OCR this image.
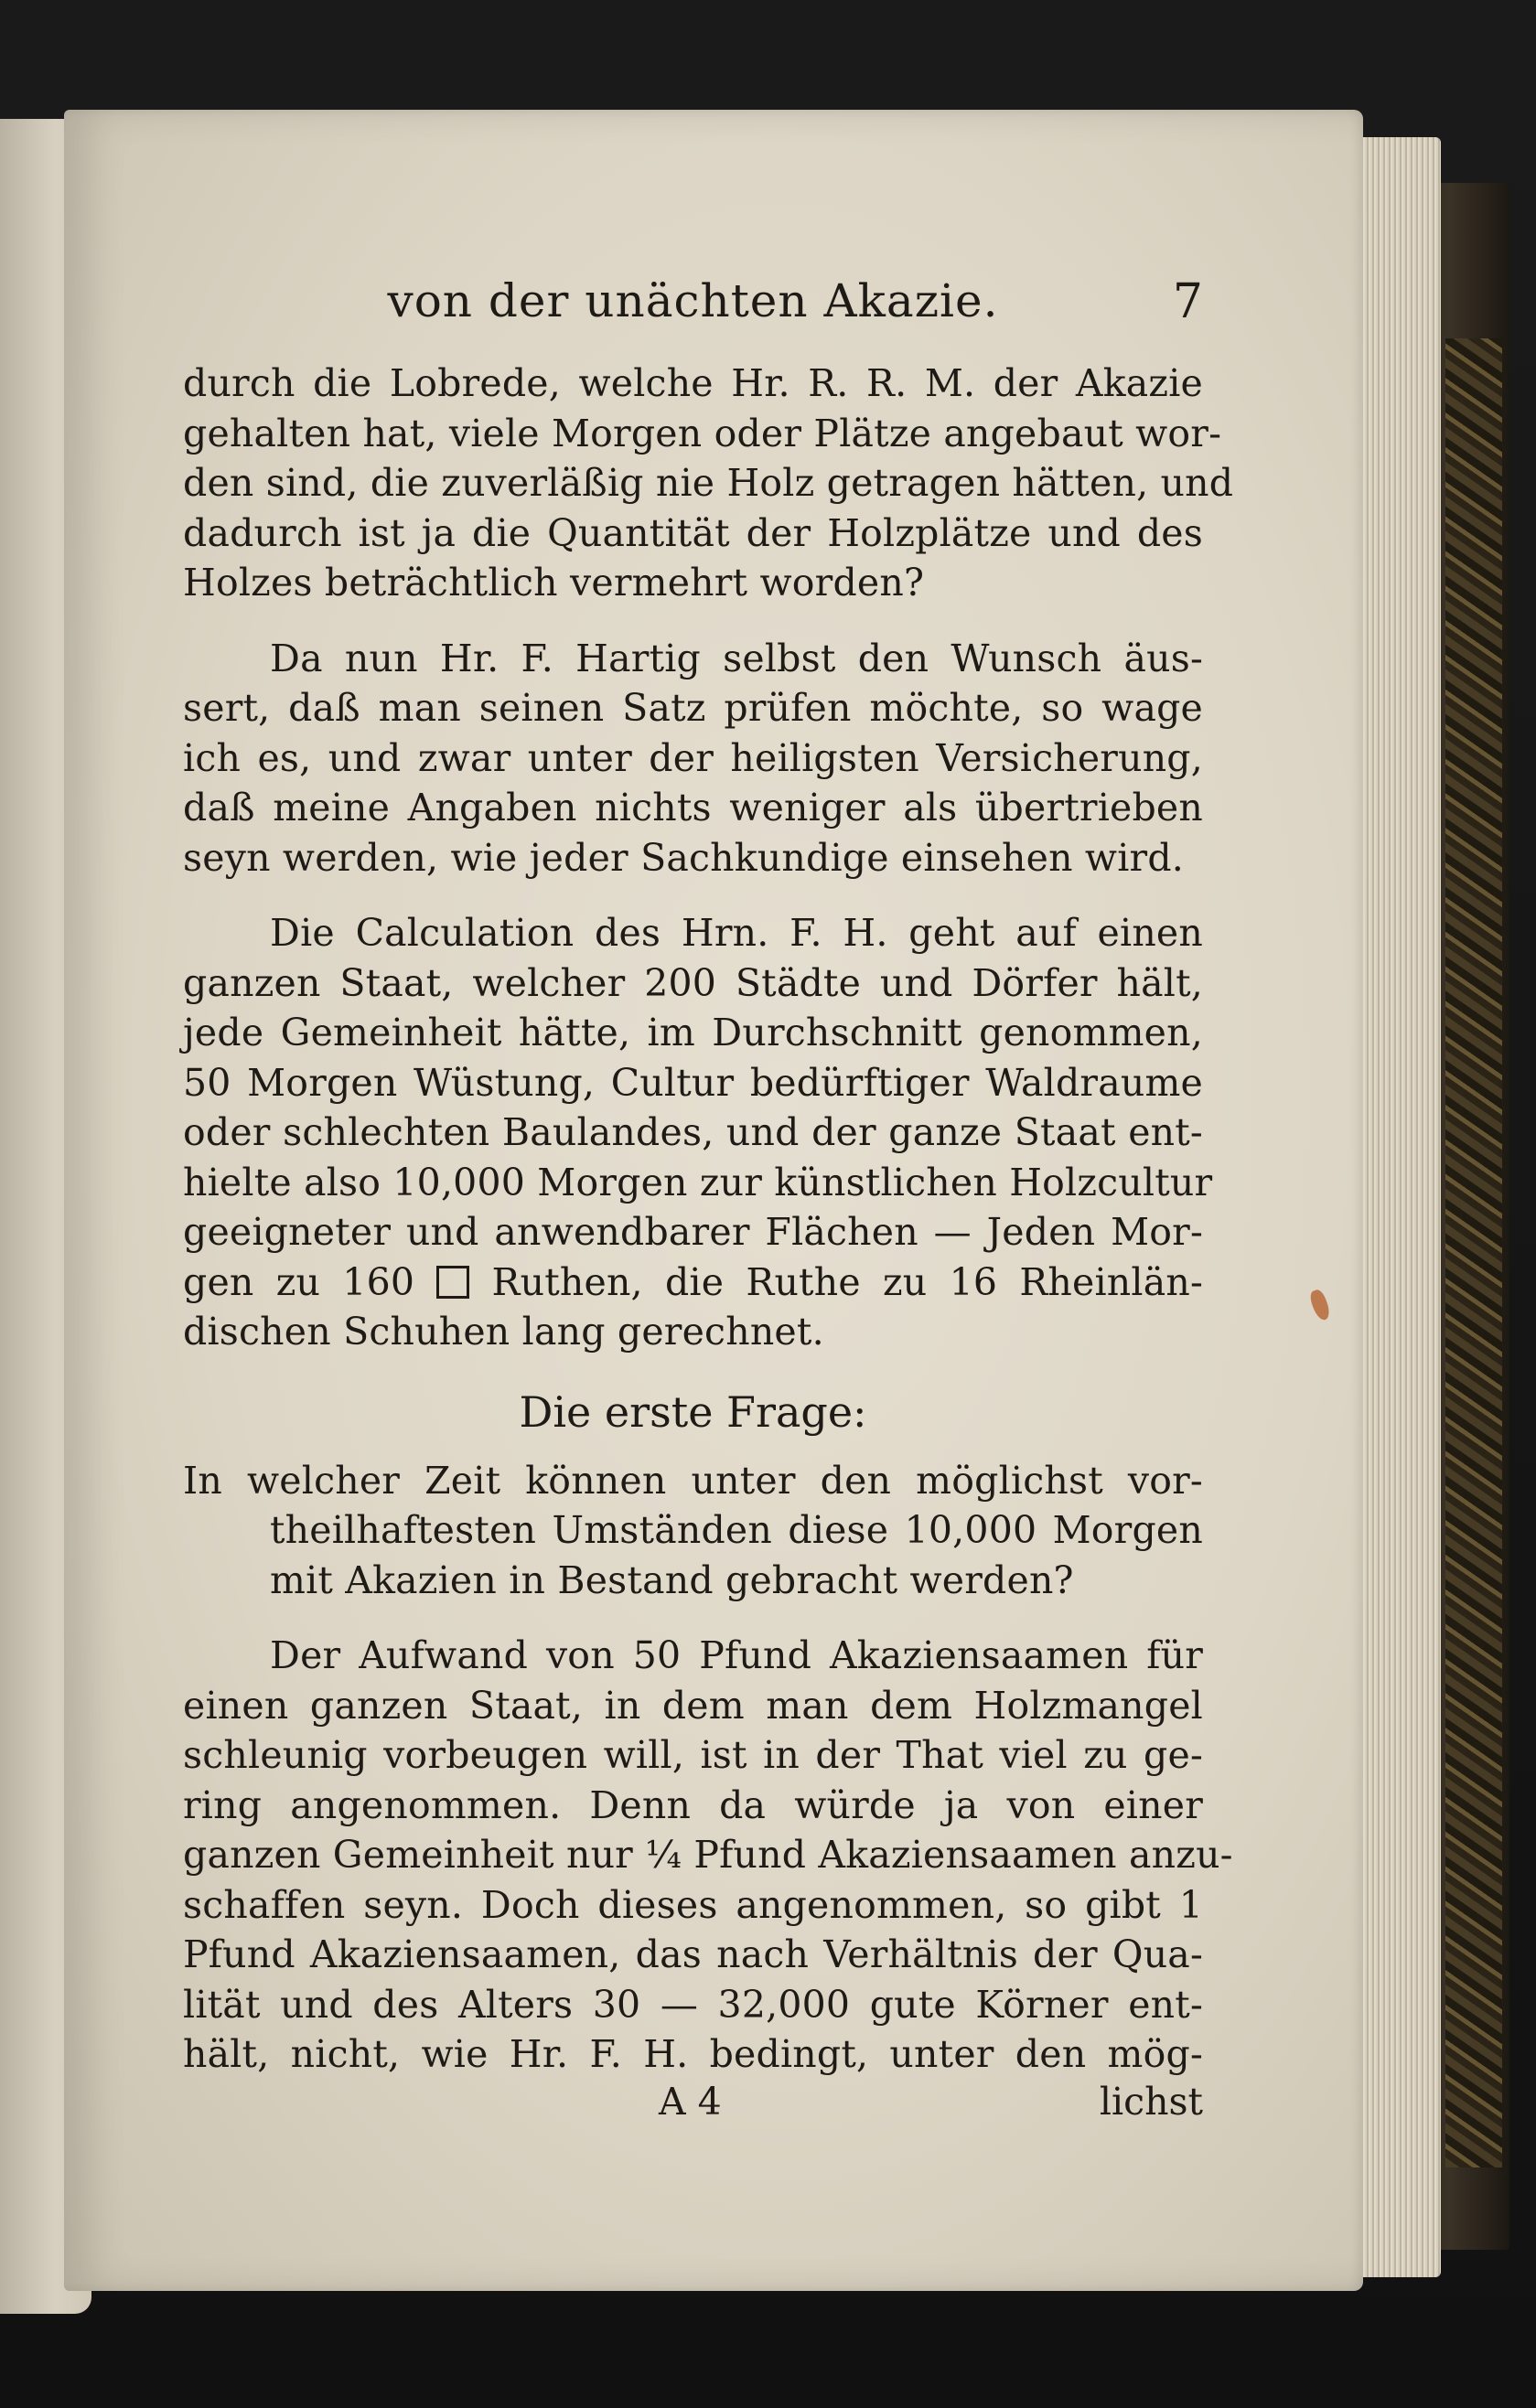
von der unächten Akazie.	7
durch die Lobrede, welche Hr. R. R. M. der Akazie
gehalten hat, viele Morgen oder Plätze angebaut wor-
den sind, die zuverläßig nie Holz getragen hätten, und
dadurch ist ja die Quantität der Holzplätze und des
Holzes beträchtlich vermehrt worden?
Da nun Hr. F. Hartig selbst den Wunsch äus-
sert, daß man seinen Satz prüfen möchte, so wage
ich es, und zwar unter der heiligsten Versicherung,
daß meine Angaben nichts weniger als übertrieben
seyn werden, wie jeder Sachkundige einsehen wird.
Die Calculation des Hrn. F. H. geht auf einen
ganzen Staat, welcher 200 Städte und Dörfer hält,
jede Gemeinheit hätte, im Durchschnitt genommen,
50 Morgen Wüstung, Cultur bedürftiger Waldraume
oder schlechten Baulandes, und der ganze Staat ent-
hielte also 10,000 Morgen zur künstlichen Holzcultur
geeigneter und anwendbarer Flächen — Jeden Mor-
gen zu 160  Ruthen, die Ruthe zu 16 Rheinlän-
dischen Schuhen lang gerechnet.
Die erste Frage:
In welcher Zeit können unter den möglichst vor-
theilhaftesten Umständen diese 10,000 Morgen
mit Akazien in Bestand gebracht werden?
Der Aufwand von 50 Pfund Akaziensaamen für
einen ganzen Staat, in dem man dem Holzmangel
schleunig vorbeugen will, ist in der That viel zu ge-
ring angenommen. Denn da würde ja von einer
ganzen Gemeinheit nur ¼ Pfund Akaziensaamen anzu-
schaffen seyn. Doch dieses angenommen, so gibt 1
Pfund Akaziensaamen, das nach Verhältnis der Qua-
lität und des Alters 30 — 32,000 gute Körner ent-
hält, nicht, wie Hr. F. H. bedingt, unter den mög-
A 4	lichst
